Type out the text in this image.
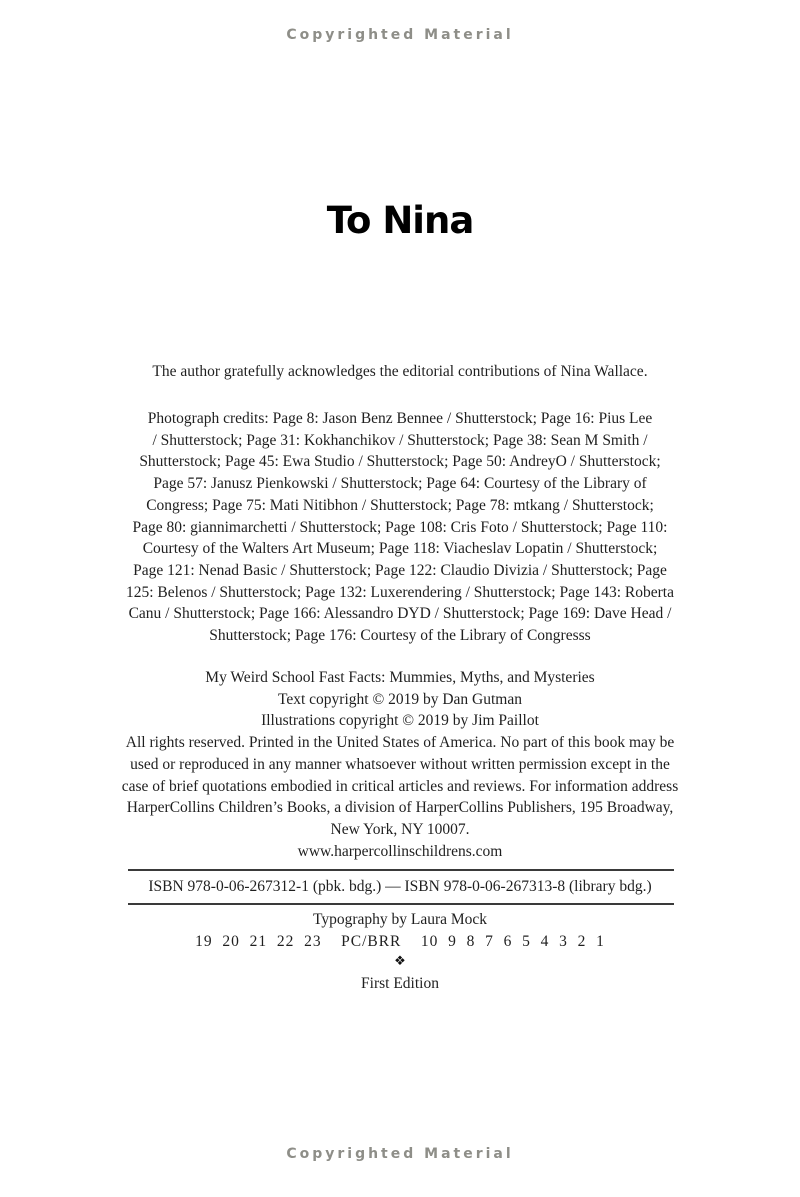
Copyrighted Material
To Nina
The author gratefully acknowledges the editorial contributions of Nina Wallace.
Photograph credits: Page 8: Jason Benz Bennee / Shutterstock; Page 16: Pius Lee
/ Shutterstock; Page 31: Kokhanchikov / Shutterstock; Page 38: Sean M Smith /
Shutterstock; Page 45: Ewa Studio / Shutterstock; Page 50: AndreyO / Shutterstock;
Page 57: Janusz Pienkowski / Shutterstock; Page 64: Courtesy of the Library of
Congress; Page 75: Mati Nitibhon / Shutterstock; Page 78: mtkang / Shutterstock;
Page 80: giannimarchetti / Shutterstock; Page 108: Cris Foto / Shutterstock; Page 110:
Courtesy of the Walters Art Museum; Page 118: Viacheslav Lopatin / Shutterstock;
Page 121: Nenad Basic / Shutterstock; Page 122: Claudio Divizia / Shutterstock; Page
125: Belenos / Shutterstock; Page 132: Luxerendering / Shutterstock; Page 143: Roberta
Canu / Shutterstock; Page 166: Alessandro DYD / Shutterstock; Page 169: Dave Head /
Shutterstock; Page 176: Courtesy of the Library of Congresss
My Weird School Fast Facts: Mummies, Myths, and Mysteries
Text copyright © 2019 by Dan Gutman
Illustrations copyright © 2019 by Jim Paillot
All rights reserved. Printed in the United States of America. No part of this book may be
used or reproduced in any manner whatsoever without written permission except in the
case of brief quotations embodied in critical articles and reviews. For information address
HarperCollins Children’s Books, a division of HarperCollins Publishers, 195 Broadway,
New York, NY 10007.
www.harpercollinschildrens.com
ISBN 978-0-06-267312-1 (pbk. bdg.) — ISBN 978-0-06-267313-8 (library bdg.)
Typography by Laura Mock
19  20  21  22  23    PC/BRR    10  9  8  7  6  5  4  3  2  1
❖
First Edition
Copyrighted Material
